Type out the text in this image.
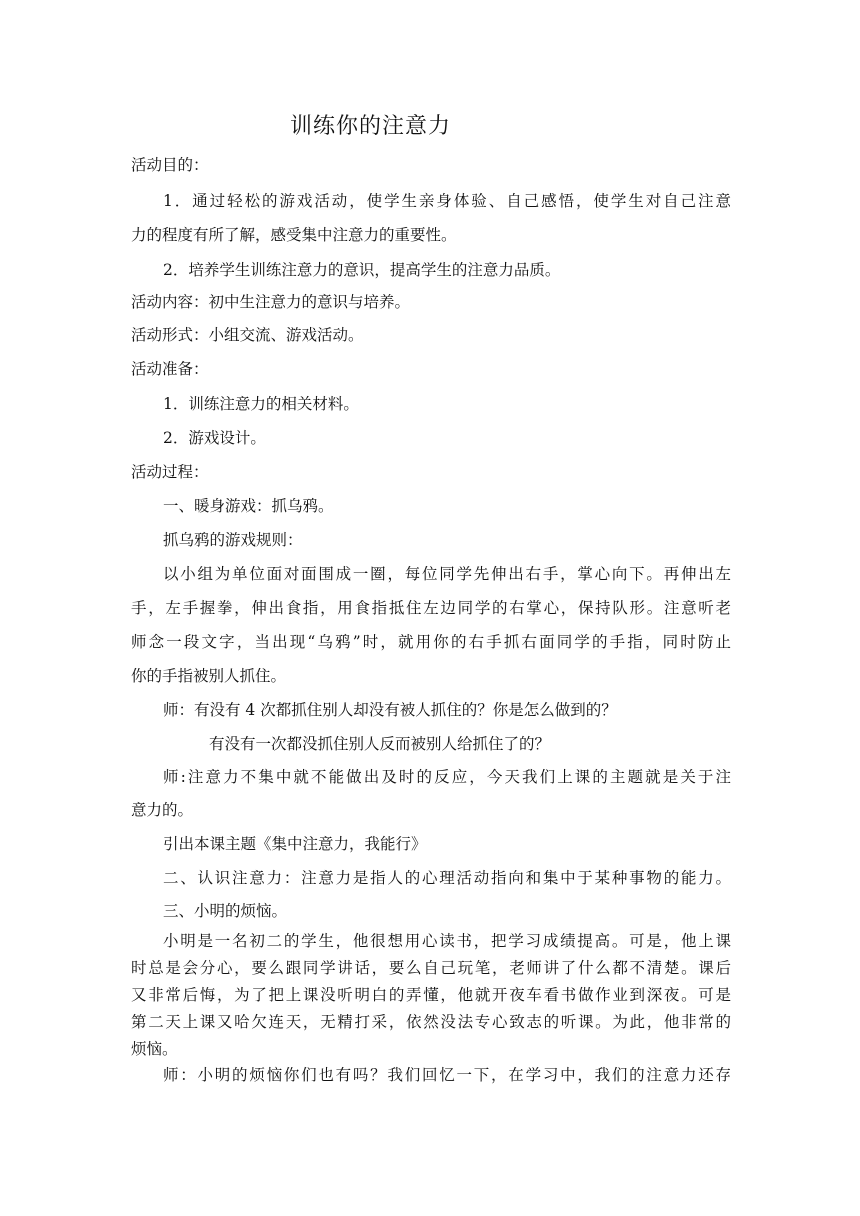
训练你的注意力
活动目的：
1．通过轻松的游戏活动，使学生亲身体验、自己感悟，使学生对自己注意
力的程度有所了解，感受集中注意力的重要性。
2．培养学生训练注意力的意识，提高学生的注意力品质。
活动内容：初中生注意力的意识与培养。
活动形式：小组交流、游戏活动。
活动准备：
1．训练注意力的相关材料。
2．游戏设计。
活动过程：
一、暖身游戏：抓乌鸦。
抓乌鸦的游戏规则：
以小组为单位面对面围成一圈，每位同学先伸出右手，掌心向下。再伸出左
手，左手握拳，伸出食指，用食指抵住左边同学的右掌心，保持队形。注意听老
师念一段文字，当出现“乌鸦”时，就用你的右手抓右面同学的手指，同时防止
你的手指被别人抓住。
师：有没有 4 次都抓住别人却没有被人抓住的？你是怎么做到的？
有没有一次都没抓住别人反而被别人给抓住了的？
师:注意力不集中就不能做出及时的反应，今天我们上课的主题就是关于注
意力的。
引出本课主题《集中注意力，我能行》
二、认识注意力：注意力是指人的心理活动指向和集中于某种事物的能力。
三、小明的烦恼。
小明是一名初二的学生，他很想用心读书，把学习成绩提高。可是，他上课
时总是会分心，要么跟同学讲话，要么自己玩笔，老师讲了什么都不清楚。课后
又非常后悔，为了把上课没听明白的弄懂，他就开夜车看书做作业到深夜。可是
第二天上课又哈欠连天，无精打采，依然没法专心致志的听课。为此，他非常的
烦恼。
师：小明的烦恼你们也有吗？我们回忆一下，在学习中，我们的注意力还存
